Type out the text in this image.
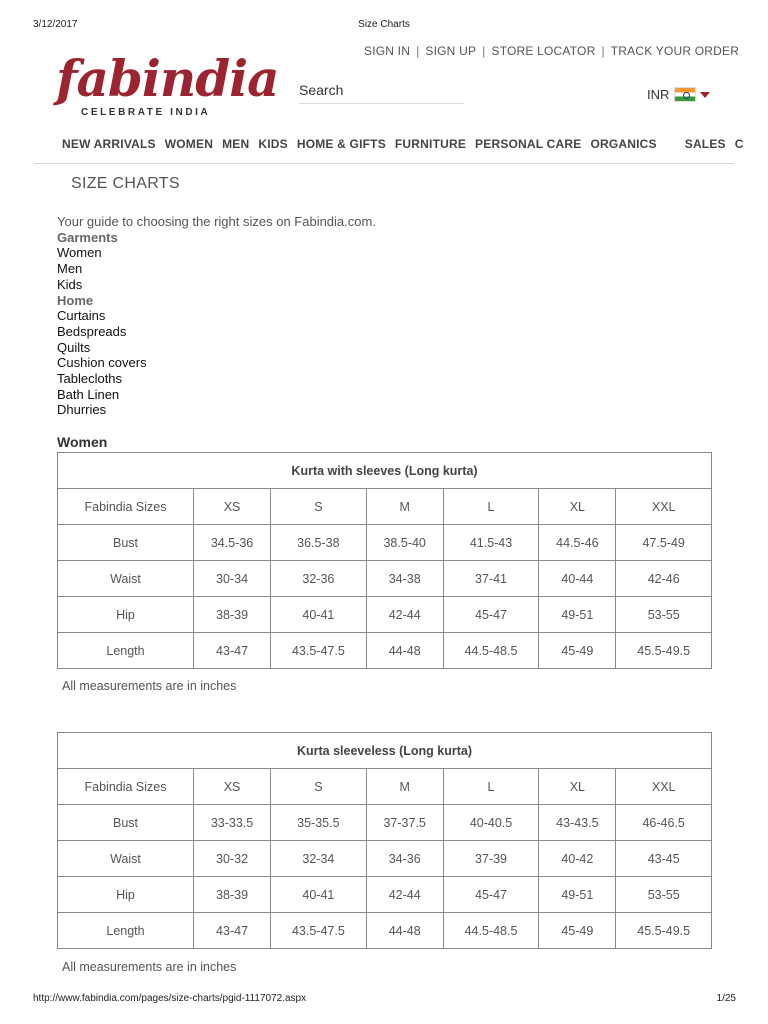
3/12/2017	Size Charts
SIGN IN | SIGN UP | STORE LOCATOR | TRACK YOUR ORDER
fabindia
CELEBRATE INDIA
Search
INR
NEW ARRIVALS WOMEN MEN KIDS HOME & GIFTS FURNITURE PERSONAL CARE ORGANICS SALES C
SIZE CHARTS
Your guide to choosing the right sizes on Fabindia.com.
Garments
Women
Men
Kids
Home
Curtains
Bedspreads
Quilts
Cushion covers
Tablecloths
Bath Linen
Dhurries
Women
Kurta with sleeves (Long kurta)						
Fabindia Sizes	XS	S	M	L	XL	XXL
Bust	34.5-36	36.5-38	38.5-40	41.5-43	44.5-46	47.5-49
Waist	30-34	32-36	34-38	37-41	40-44	42-46
Hip	38-39	40-41	42-44	45-47	49-51	53-55
Length	43-47	43.5-47.5	44-48	44.5-48.5	45-49	45.5-49.5
All measurements are in inches
Kurta sleeveless (Long kurta)						
Fabindia Sizes	XS	S	M	L	XL	XXL
Bust	33-33.5	35-35.5	37-37.5	40-40.5	43-43.5	46-46.5
Waist	30-32	32-34	34-36	37-39	40-42	43-45
Hip	38-39	40-41	42-44	45-47	49-51	53-55
Length	43-47	43.5-47.5	44-48	44.5-48.5	45-49	45.5-49.5
All measurements are in inches
http://www.fabindia.com/pages/size-charts/pgid-1117072.aspx	1/25
